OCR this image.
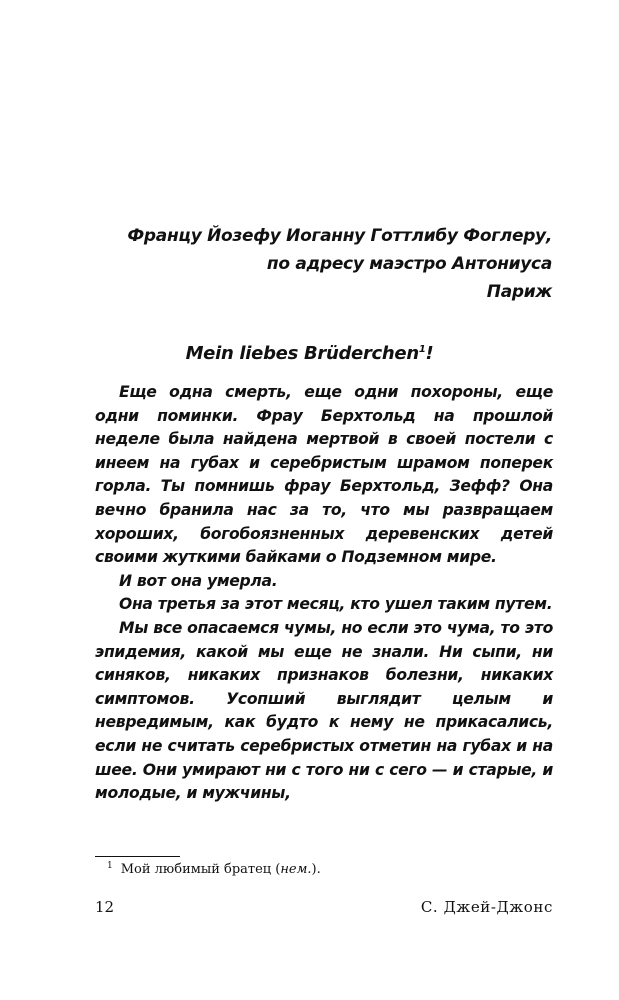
Францу Йозефу Иоганну Готтлибу Фоглеру,
по адресу маэстро Антониуса
Париж
Mein liebes Brüderchen$^1$!

Еще одна смерть, еще одни похороны, еще одни поминки. Фрау Берхтольд на прошлой неделе была найдена мертвой в своей постели с инеем на губах и серебристым шрамом поперек горла. Ты помнишь фрау Берхтольд, Зефф? Она вечно бранила нас за то, что мы развращаем хороших, богобоязненных деревенских детей своими жуткими байками о Подземном мире.

И вот она умерла.

Она третья за этот месяц, кто ушел таким путем.

Мы все опасаемся чумы, но если это чума, то это эпидемия, какой мы еще не знали. Ни сыпи, ни синяков, никаких признаков болезни, никаких симптомов. Усопший выглядит целым и невредимым, как будто к нему не прикасались, если не считать серебристых отметин на губах и на шее. Они умирают ни с того ни с сего — и старые, и молодые, и мужчины,

$^1$ Мой любимый братец (нем.).
12	С. Джей-Джонс
